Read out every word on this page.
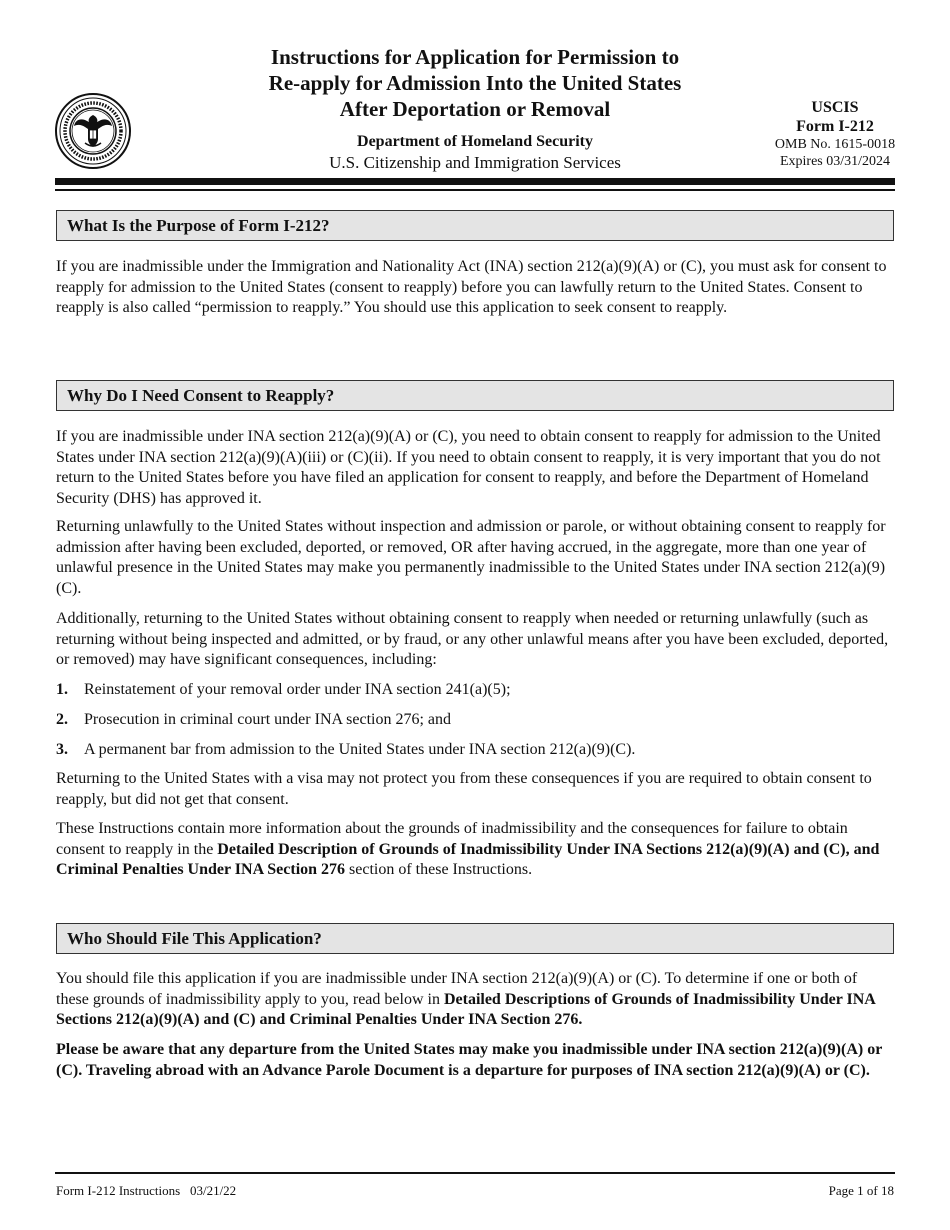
Instructions for Application for Permission to
Re-apply for Admission Into the United States
After Deportation or Removal
Department of Homeland Security
U.S. Citizenship and Immigration Services
USCIS
Form I-212
OMB No. 1615-0018
Expires 03/31/2024
What Is the Purpose of Form I-212?

If you are inadmissible under the Immigration and Nationality Act (INA) section 212(a)(9)(A) or (C), you must ask for consent to reapply for admission to the United States (consent to reapply) before you can lawfully return to the United States. Consent to reapply is also called “permission to reapply.” You should use this application to seek consent to reapply.

Why Do I Need Consent to Reapply?

If you are inadmissible under INA section 212(a)(9)(A) or (C), you need to obtain consent to reapply for admission to the United States under INA section 212(a)(9)(A)(iii) or (C)(ii). If you need to obtain consent to reapply, it is very important that you do not return to the United States before you have filed an application for consent to reapply, and before the Department of Homeland Security (DHS) has approved it.

Returning unlawfully to the United States without inspection and admission or parole, or without obtaining consent to reapply for admission after having been excluded, deported, or removed, OR after having accrued, in the aggregate, more than one year of unlawful presence in the United States may make you permanently inadmissible to the United States under INA section 212(a)(9)(C).

Additionally, returning to the United States without obtaining consent to reapply when needed or returning unlawfully (such as returning without being inspected and admitted, or by fraud, or any other unlawful means after you have been excluded, deported, or removed) may have significant consequences, including:

1.	Reinstatement of your removal order under INA section 241(a)(5);
2.	Prosecution in criminal court under INA section 276; and
3.	A permanent bar from admission to the United States under INA section 212(a)(9)(C).

Returning to the United States with a visa may not protect you from these consequences if you are required to obtain consent to reapply, but did not get that consent.

These Instructions contain more information about the grounds of inadmissibility and the consequences for failure to obtain consent to reapply in the Detailed Description of Grounds of Inadmissibility Under INA Sections 212(a)(9)(A) and (C), and Criminal Penalties Under INA Section 276 section of these Instructions.

Who Should File This Application?

You should file this application if you are inadmissible under INA section 212(a)(9)(A) or (C). To determine if one or both of these grounds of inadmissibility apply to you, read below in Detailed Descriptions of Grounds of Inadmissibility Under INA Sections 212(a)(9)(A) and (C) and Criminal Penalties Under INA Section 276.

Please be aware that any departure from the United States may make you inadmissible under INA section 212(a)(9)(A) or (C). Traveling abroad with an Advance Parole Document is a departure for purposes of INA section 212(a)(9)(A) or (C).

Form I-212 Instructions   03/21/22	Page 1 of 18
